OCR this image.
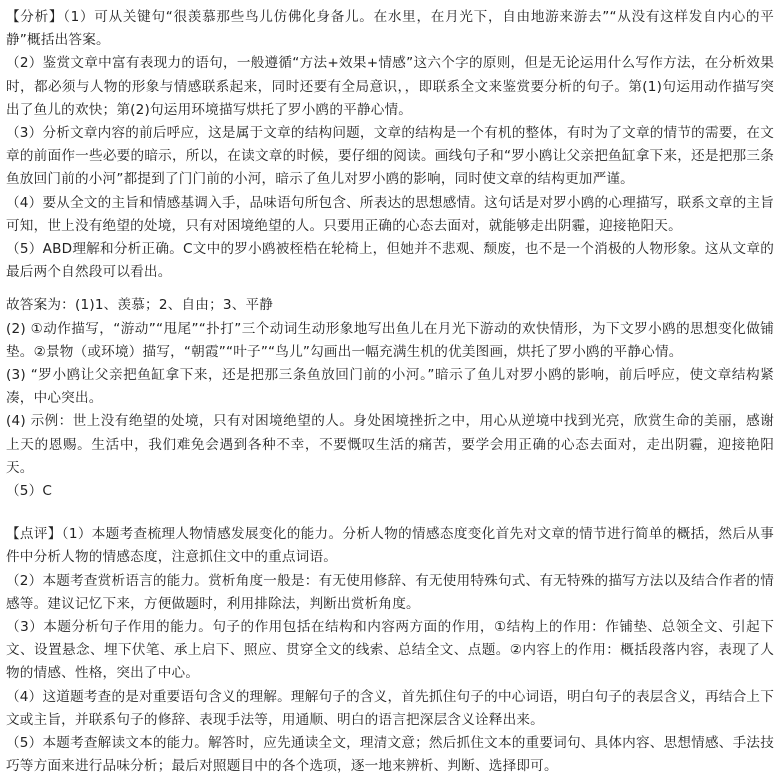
【分析】（1）可从关键句“很羡慕那些鸟儿仿佛化身备儿。在水里，在月光下，自由地游来游去”“从没有这样发自内心的平静”概括出答案。

（2）鉴赏文章中富有表现力的语句，一般遵循“方法+效果+情感”这六个字的原则，但是无论运用什么写作方法，在分析效果时，都必须与人物的形象与情感联系起来，同时还要有全局意识，，即联系全文来鉴赏要分析的句子。第(1)句运用动作描写突出了鱼儿的欢快；第(2)句运用环境描写烘托了罗小鸥的平静心情。

（3）分析文章内容的前后呼应，这是属于文章的结构问题，文章的结构是一个有机的整体，有时为了文章的情节的需要，在文章的前面作一些必要的暗示，所以，在读文章的时候，要仔细的阅读。画线句子和“罗小鸥让父亲把鱼缸拿下来，还是把那三条鱼放回门前的小河”都提到了门门前的小河，暗示了鱼儿对罗小鸥的影响，同时使文章的结构更加严谨。

（4）要从全文的主旨和情感基调入手，品味语句所包含、所表达的思想感情。这句话是对罗小鸥的心理描写，联系文章的主旨可知，世上没有绝望的处境，只有对困境绝望的人。只要用正确的心态去面对，就能够走出阴霾，迎接艳阳天。

（5）ABD理解和分析正确。C文中的罗小鸥被桎梏在轮椅上，但她并不悲观、颓废，也不是一个消极的人物形象。这从文章的最后两个自然段可以看出。

故答案为：(1)1、羡慕；2、自由；3、平静

(2) ①动作描写，“游动”“甩尾”“扑打”三个动词生动形象地写出鱼儿在月光下游动的欢快情形，为下文罗小鸥的思想变化做铺垫。②景物（或环境）描写，“朝霞”“叶子”“鸟儿”勾画出一幅充满生机的优美图画，烘托了罗小鸥的平静心情。

(3) “罗小鸥让父亲把鱼缸拿下来，还是把那三条鱼放回门前的小河。”暗示了鱼儿对罗小鸥的影响，前后呼应，使文章结构紧凑，中心突出。

(4) 示例：世上没有绝望的处境，只有对困境绝望的人。身处困境挫折之中，用心从逆境中找到光亮，欣赏生命的美丽，感谢上天的恩赐。生活中，我们难免会遇到各种不幸，不要慨叹生活的痛苦，要学会用正确的心态去面对，走出阴霾，迎接艳阳天。

（5）C

【点评】（1）本题考查梳理人物情感发展变化的能力。分析人物的情感态度变化首先对文章的情节进行简单的概括，然后从事件中分析人物的情感态度，注意抓住文中的重点词语。

（2）本题考查赏析语言的能力。赏析角度一般是：有无使用修辞、有无使用特殊句式、有无特殊的描写方法以及结合作者的情感等。建议记忆下来，方便做题时，利用排除法，判断出赏析角度。

（3）本题分析句子作用的能力。句子的作用包括在结构和内容两方面的作用，①结构上的作用：作铺垫、总领全文、引起下文、设置悬念、埋下伏笔、承上启下、照应、贯穿全文的线索、总结全文、点题。②内容上的作用：概括段落内容，表现了人物的情感、性格，突出了中心。

（4）这道题考查的是对重要语句含义的理解。理解句子的含义，首先抓住句子的中心词语，明白句子的表层含义，再结合上下文或主旨，并联系句子的修辞、表现手法等，用通顺、明白的语言把深层含义诠释出来。

（5）本题考查解读文本的能力。解答时，应先通读全文，理清文意；然后抓住文本的重要词句、具体内容、思想情感、手法技巧等方面来进行品味分析；最后对照题目中的各个选项，逐一地来辨析、判断、选择即可。
